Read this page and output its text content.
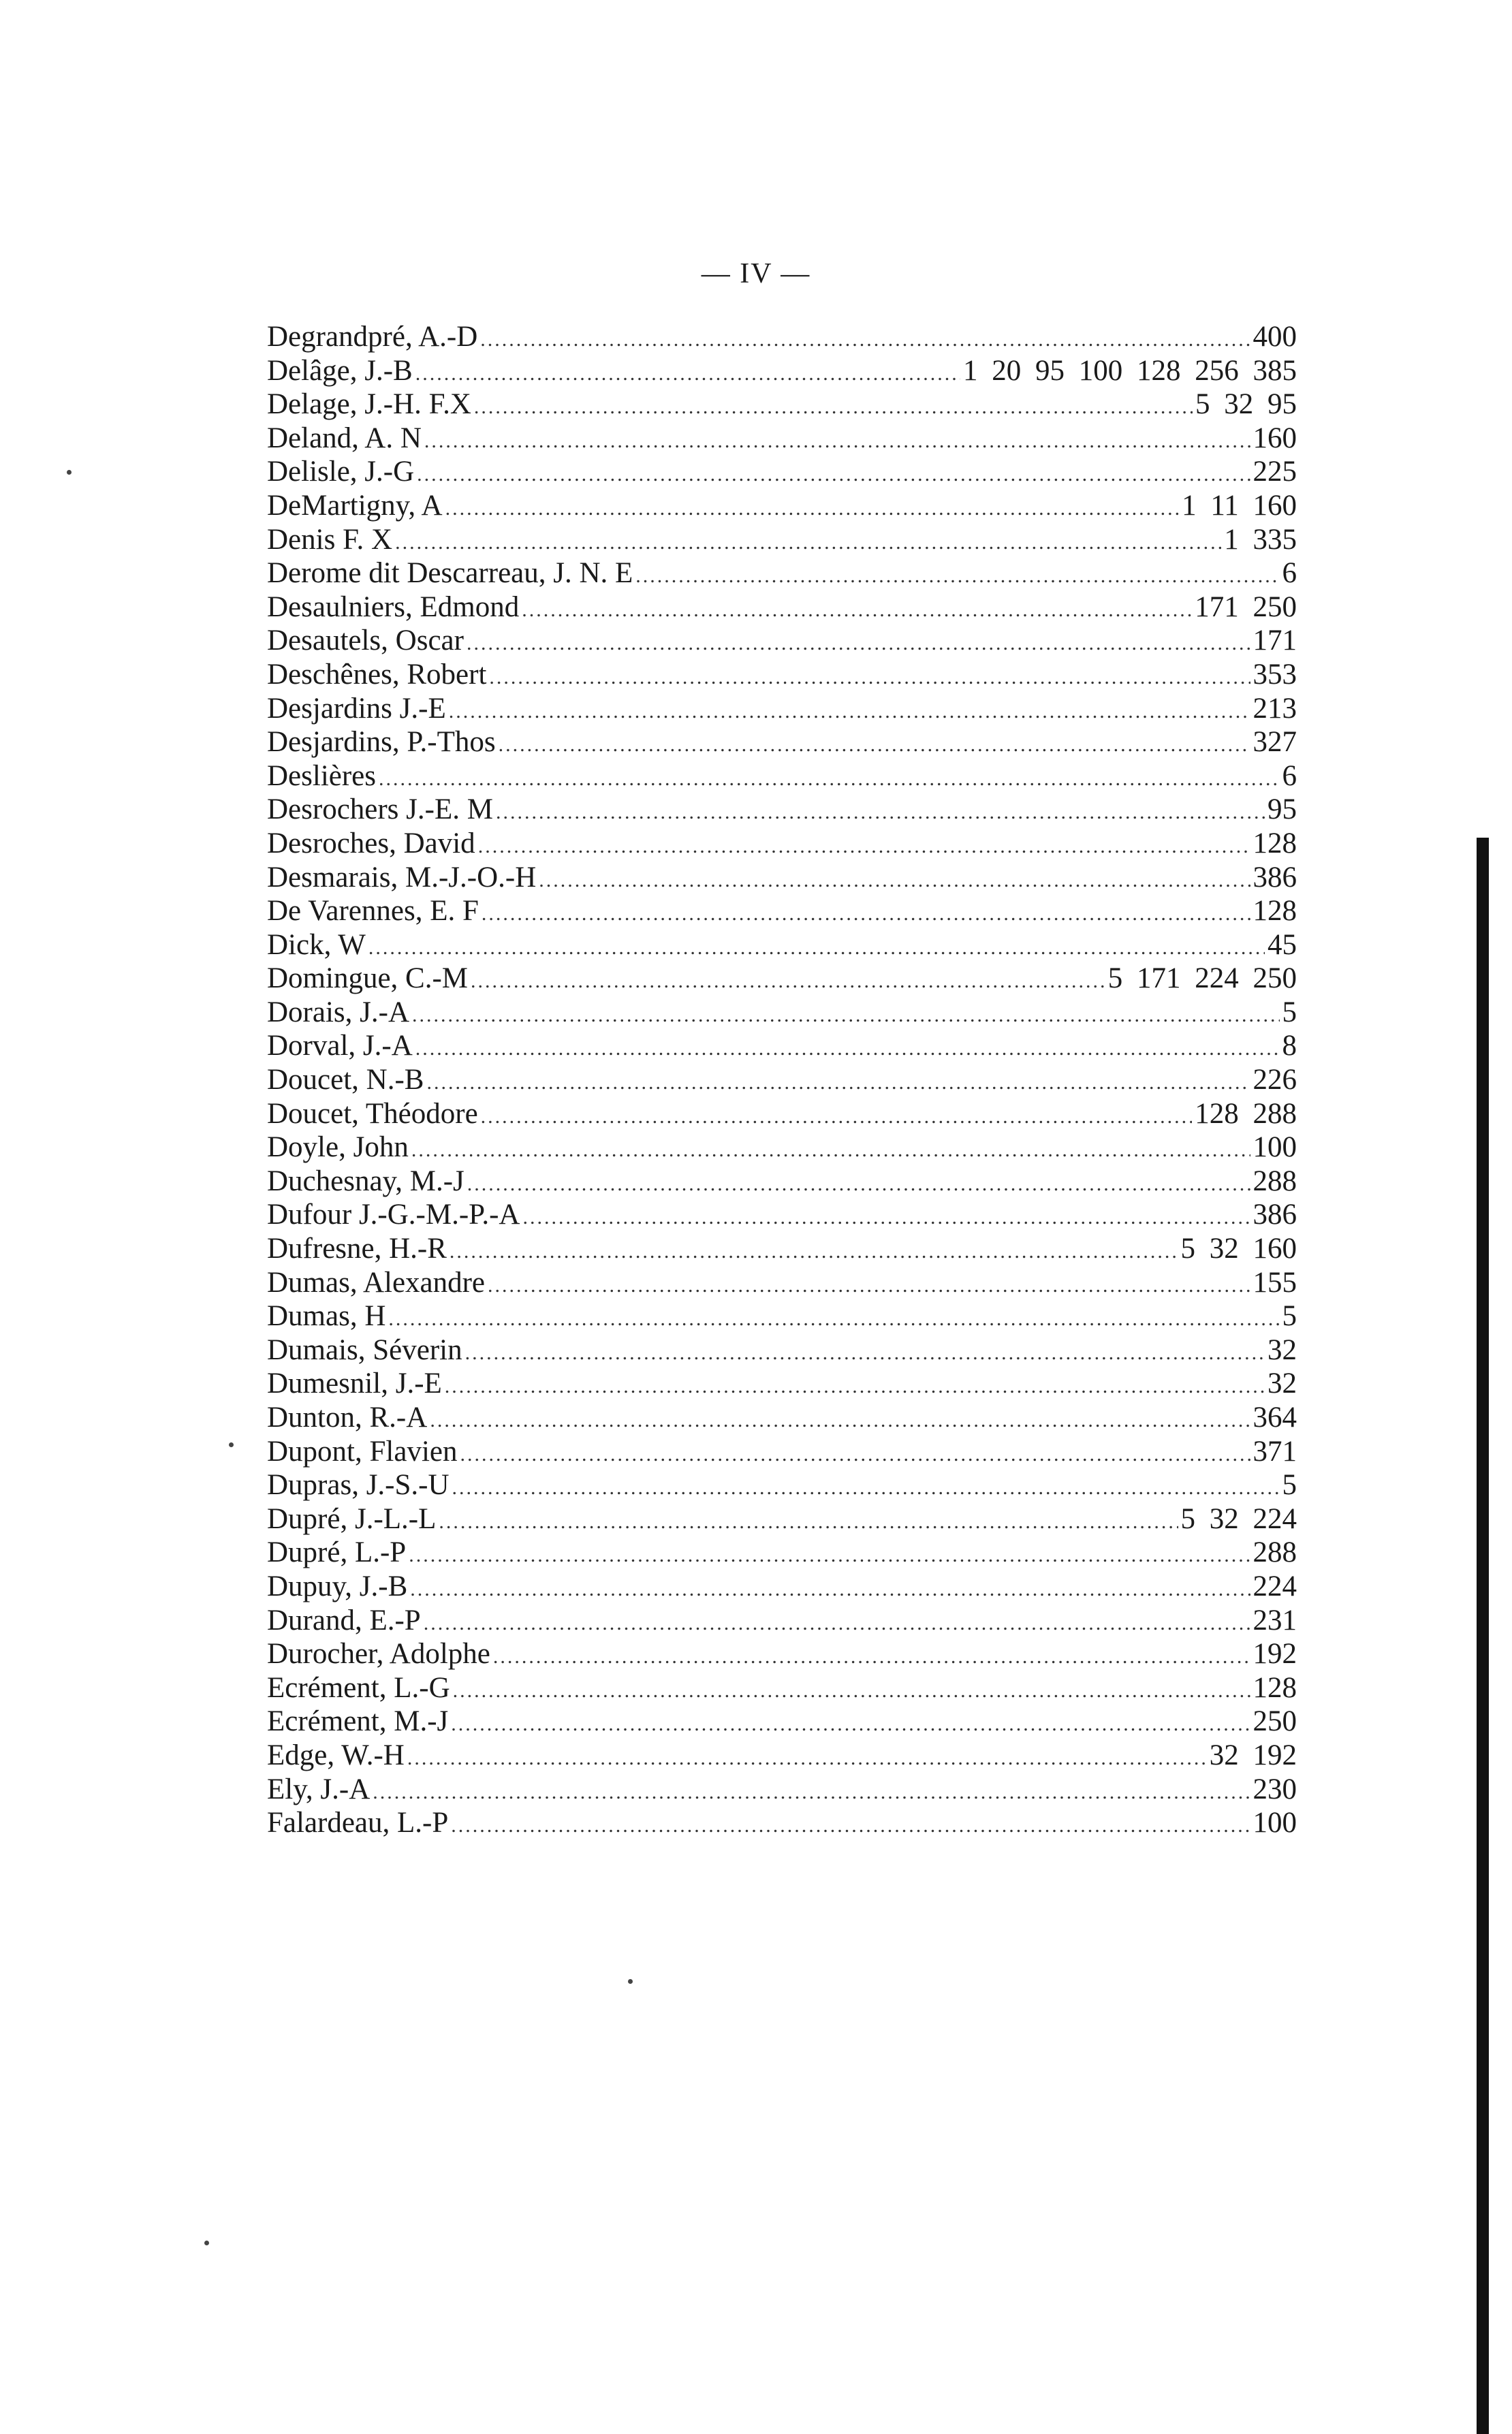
— IV —
Degrandpré, A.-D .....	400
Delâge, J.-B .....	1 20 95 100 128 256 385
Delage, J.-H. F.X .....	5 32 95
Deland, A. N .....	160
Delisle, J.-G .....	225
DeMartigny, A .....	1 11 160
Denis F. X .....	1 335
Derome dit Descarreau, J. N. E .....	6
Desaulniers, Edmond .....	171 250
Desautels, Oscar .....	171
Deschênes, Robert .....	353
Desjardins J.-E .....	213
Desjardins, P.-Thos .....	327
Deslières .....	6
Desrochers J.-E. M .....	95
Desroches, David .....	128
Desmarais, M.-J.-O.-H .....	386
De Varennes, E. F .....	128
Dick, W .....	45
Domingue, C.-M .....	5 171 224 250
Dorais, J.-A .....	5
Dorval, J.-A .....	8
Doucet, N.-B .....	226
Doucet, Théodore .....	128 288
Doyle, John .....	100
Duchesnay, M.-J .....	288
Dufour J.-G.-M.-P.-A .....	386
Dufresne, H.-R .....	5 32 160
Dumas, Alexandre .....	155
Dumas, H .....	5
Dumais, Séverin .....	32
Dumesnil, J.-E .....	32
Dunton, R.-A .....	364
Dupont, Flavien .....	371
Dupras, J.-S.-U .....	5
Dupré, J.-L.-L .....	5 32 224
Dupré, L.-P .....	288
Dupuy, J.-B .....	224
Durand, E.-P .....	231
Durocher, Adolphe .....	192
Ecrément, L.-G .....	128
Ecrément, M.-J .....	250
Edge, W.-H .....	32 192
Ely, J.-A .....	230
Falardeau, L.-P .....	100
